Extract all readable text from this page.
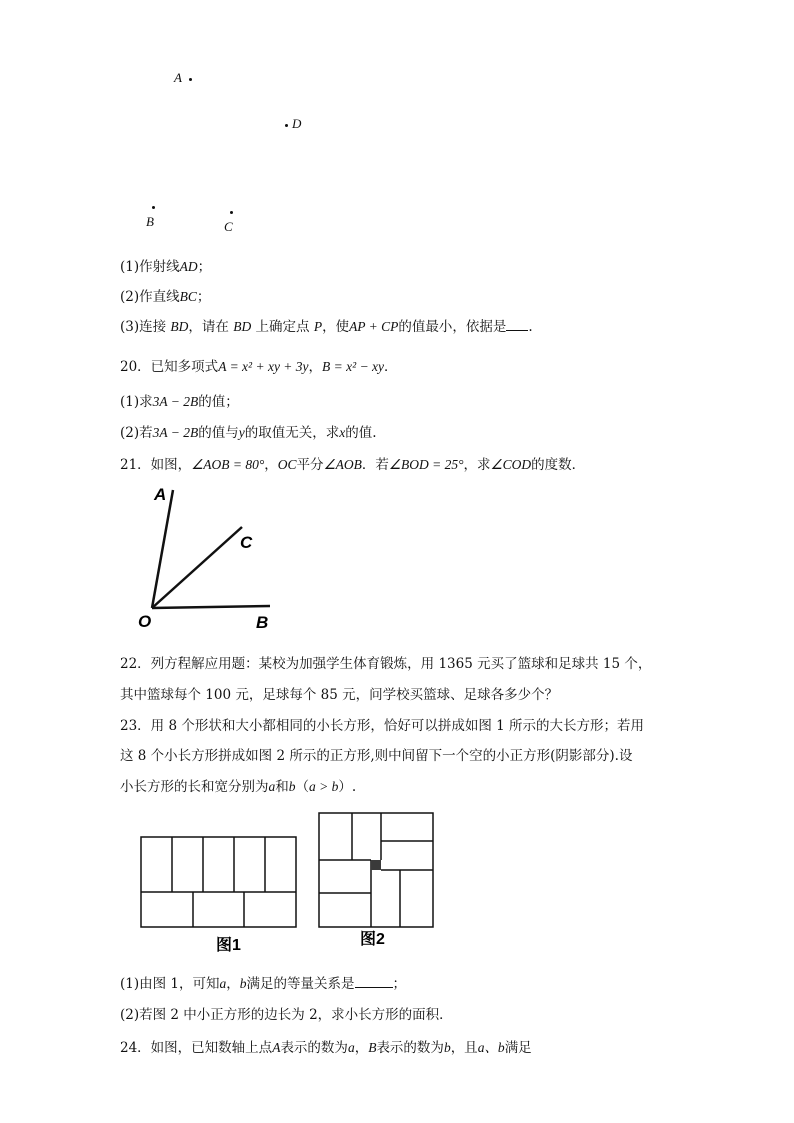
A
D
B	C
(1)作射线AD；
(2)作直线BC；
(3)连接 BD，请在 BD 上确定点 P，使AP + CP的值最小，依据是 .
20．已知多项式A = x² + xy + 3y，B = x² − xy．
(1)求3A − 2B的值；
(2)若3A − 2B的值与y的取值无关，求x的值.
21．如图，∠AOB = 80°，OC平分∠AOB．若∠BOD = 25°，求∠COD的度数．
A
C
O	B
22．列方程解应用题：某校为加强学生体育锻炼，用 1365 元买了篮球和足球共 15 个，
其中篮球每个 100 元，足球每个 85 元，问学校买篮球、足球各多少个？
23．用 8 个形状和大小都相同的小长方形，恰好可以拼成如图 1 所示的大长方形；若用
这 8 个小长方形拼成如图 2 所示的正方形,则中间留下一个空的小正方形(阴影部分).设
小长方形的长和宽分别为a和b（a > b）.
图1	图2
(1)由图 1，可知a，b满足的等量关系是	；
(2)若图 2 中小正方形的边长为 2，求小长方形的面积．
24．如图，已知数轴上点A表示的数为a，B表示的数为b，且a、b满足
